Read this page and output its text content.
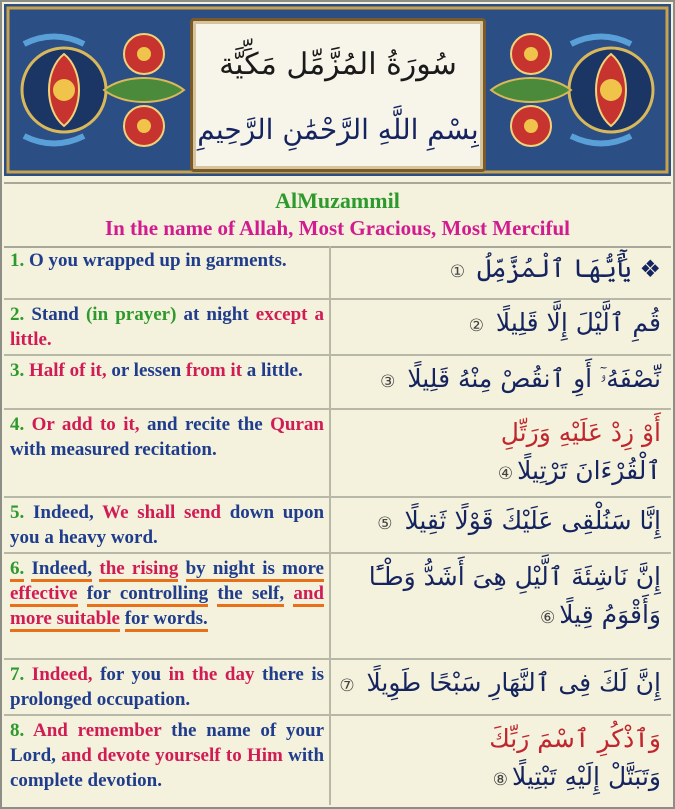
سُورَةُ المُزَّمِّل مَكِّيَّة
بِسْمِ اللَّهِ الرَّحْمَٰنِ الرَّحِيمِ
AlMuzammil
In the name of Allah, Most Gracious, Most Merciful
1. O you wrapped up in garments.	❖ يَٰٓأَيُّهَا ٱلْمُزَّمِّلُ ①
2. Stand (in prayer) at night except a little.
قُمِ ٱلَّيْلَ إِلَّا قَلِيلًا ②
3. Half of it, or lessen from it a little.	نِّصْفَهُۥٓ أَوِ ٱنقُصْ مِنْهُ قَلِيلًا ③
4. Or add to it, and recite the Quran with measured recitation.
أَوْ زِدْ عَلَيْهِ وَرَتِّلِ
ٱلْقُرْءَانَ تَرْتِيلًا④
5. Indeed, We shall send down upon you a heavy word.
إِنَّا سَنُلْقِى عَلَيْكَ قَوْلًا ثَقِيلًا ⑤
6. Indeed, the rising by night is more effective for controlling the self, and more suitable for words.
إِنَّ نَاشِئَةَ ٱلَّيْلِ هِىَ أَشَدُّ وَطْـًٔا
وَأَقْوَمُ قِيلًا⑥
7. Indeed, for you in the day there is prolonged occupation.
إِنَّ لَكَ فِى ٱلنَّهَارِ سَبْحًا طَوِيلًا ⑦
8. And remember the name of your Lord, and devote yourself to Him with complete devotion.
وَٱذْكُرِ ٱسْمَ رَبِّكَ
وَتَبَتَّلْ إِلَيْهِ تَبْتِيلًا⑧
